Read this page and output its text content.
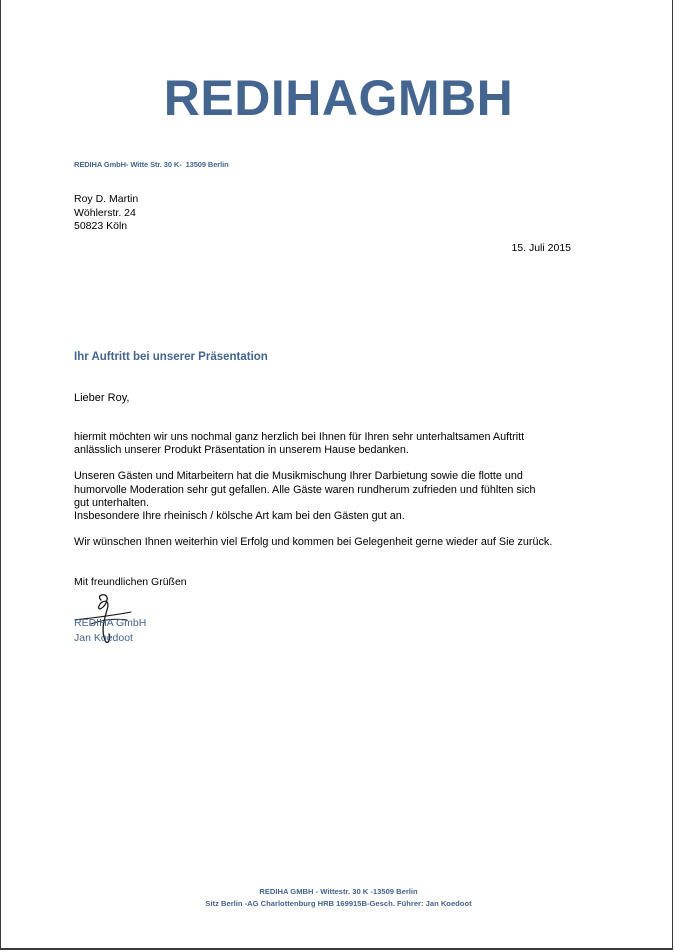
REDIHAGMBH
REDIHA GmbH- Witte Str. 30 K-  13509 Berlin
Roy D. Martin
Wöhlerstr. 24
50823 Köln
15. Juli 2015
Ihr Auftritt bei unserer Präsentation
Lieber Roy,

hiermit möchten wir uns nochmal ganz herzlich bei Ihnen für Ihren sehr unterhaltsamen Auftritt
anlässlich unserer Produkt Präsentation in unserem Hause bedanken.

Unseren Gästen und Mitarbeitern hat die Musikmischung Ihrer Darbietung sowie die flotte und
humorvolle Moderation sehr gut gefallen. Alle Gäste waren rundherum zufrieden und fühlten sich
gut unterhalten.
Insbesondere Ihre rheinisch / kölsche Art kam bei den Gästen gut an.

Wir wünschen Ihnen weiterhin viel Erfolg und kommen bei Gelegenheit gerne wieder auf Sie zurück.

Mit freundlichen Grüßen
REDIHA GmbH
Jan Koedoot
REDIHA GMBH - Wittestr. 30 K -13509 Berlin
Sitz Berlin -AG Charlottenburg HRB 169915B-Gesch. Führer: Jan Koedoot
